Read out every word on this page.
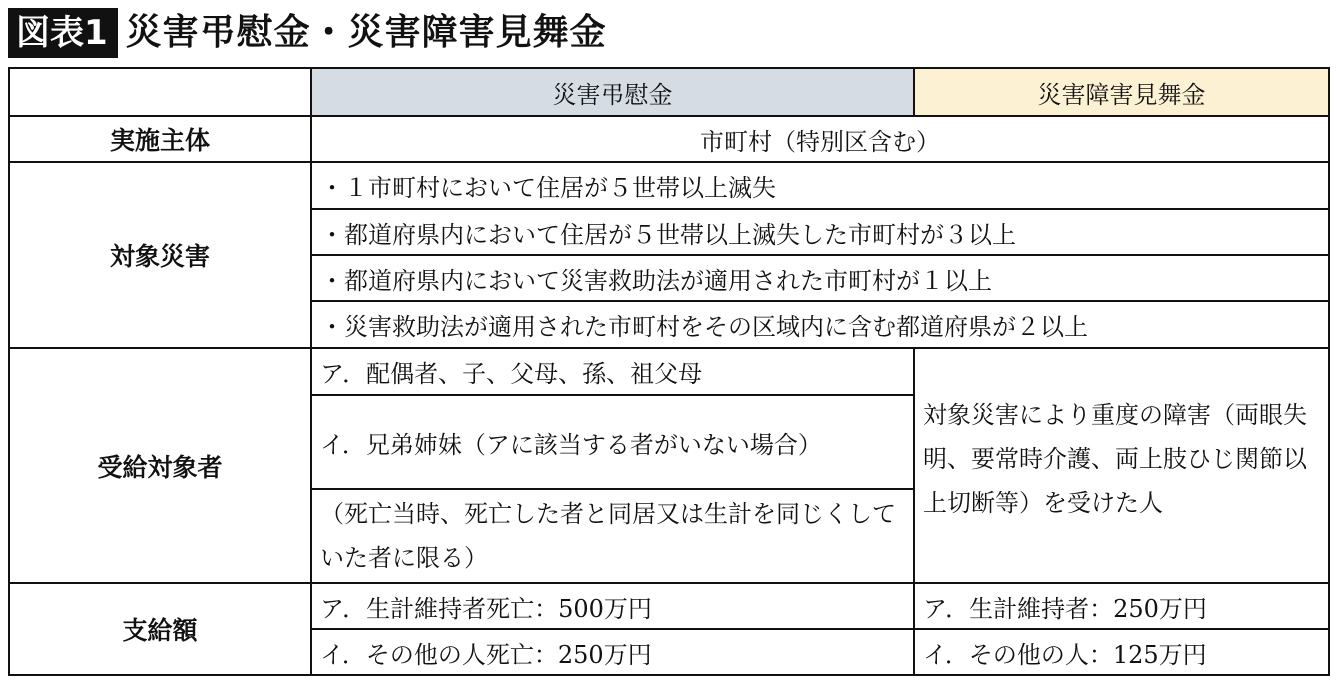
図表1 災害弔慰金・災害障害見舞金
	災害弔慰金	災害障害見舞金
実施主体	市町村（特別区含む）	
対象災害	・１市町村において住居が５世帯以上滅失	
	・都道府県内において住居が５世帯以上滅失した市町村が３以上	
	・都道府県内において災害救助法が適用された市町村が１以上	
	・災害救助法が適用された市町村をその区域内に含む都道府県が２以上	
受給対象者	ア．配偶者、子、父母、孫、祖父母	対象災害により重度の障害（両眼失明、要常時介護、両上肢ひじ関節以上切断等）を受けた人
	イ．兄弟姉妹（アに該当する者がいない場合）	
	（死亡当時、死亡した者と同居又は生計を同じくしていた者に限る）	
支給額	ア．生計維持者死亡：500万円	ア．生計維持者：250万円
	イ．その他の人死亡：250万円	イ．その他の人：125万円
